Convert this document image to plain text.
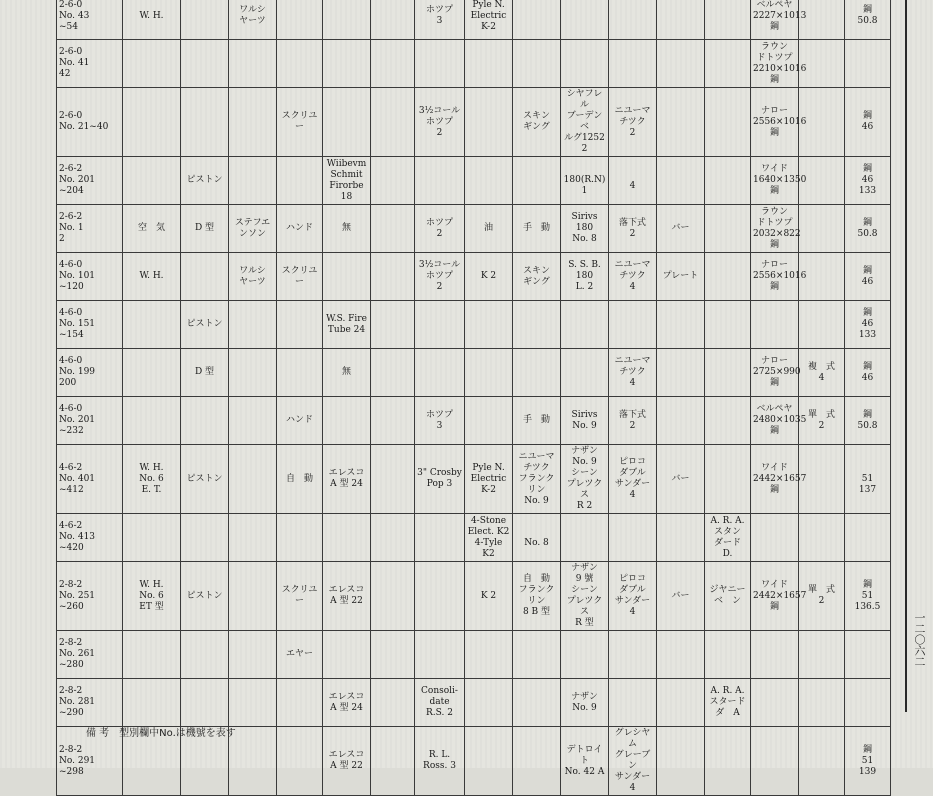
2-6-0
No. 43
~54	W. H.		ワルシ
ヤーツ				ホツプ
3	Pyle N.
Electric
K-2						ベルペヤ
2227×1013
鋼		鋼
50.8
2-6-0
No. 41
42														ラウン
ドトツプ
2210×1016
鋼		
2-6-0
No. 21~40				スクリユー			3½コール
ホツプ
2		スキン
ギング	シヤフレル
ブーデンベ
ルグ1252
2	ニユーマ
チツク
2			ナロー
2556×1016
鋼		鋼
46
2-6-2
No. 201
~204		ピストン			Wiibevm
Schmit
Firorbe
18					
180(R.N)
1	
4			ワイド
1640×1350
鋼		鋼
46
133
2-6-2
No. 1
2	空　気	D 型	ステフエ
ンソン	ハンド	無		ホツプ
2	油	手　動	Sirivs
180
No. 8	落下式
2	バー		ラウン
ドトツプ
2032×822
鋼		鋼
50.8
4-6-0
No. 101
~120	W. H.		ワルシ
ヤーツ	スクリユー			3½コール
ホツプ
2	K 2	スキン
ギング	S. S. B.
180
L. 2	ニユーマ
チツク
4	プレート		ナロー
2556×1016
鋼		鋼
46
4-6-0
No. 151
~154		ピストン			W.S. Fire
Tube 24											鋼
46
133
4-6-0
No. 199
200		D 型			無						ニユーマ
チツク
4			ナロー
2725×990
鋼	複　式
4	鋼
46
4-6-0
No. 201
~232				ハンド			ホツプ
3		手　動	Sirivs
No. 9	落下式
2			ベルペヤ
2480×1035
鋼	單　式
2	鋼
50.8
4-6-2
No. 401
~412	W. H.
No. 6
E. T.	ピストン		自　動	エレスコ
A 型 24		3" Crosby
Pop 3	Pyle N.
Electric
K-2	ニユーマ
チツク
フランク
リン
No. 9	ナザン
No. 9
シーン
プレツクス
R 2	ピロコ
ダブル
サンダー
4	バー		ワイド
2442×1657
鋼		
51
137
4-6-2
No. 413
~420								4-Stone
Elect. K2
4-Tyle K2	
No. 8				A. R. A.
スタン
ダード
D.			
2-8-2
No. 251
~260	W. H.
No. 6
ET 型	ピストン		スクリユー	エレスコ
A 型 22			K 2	自　動
フランク
リン
8 B 型	ナザン
9 號
シーン
プレツクス
R 型	ピロコ
ダブル
サンダー
4	バー	ジヤニー
ベ　ン	ワイド
2442×1657
鋼	單　式
2	鋼
51
136.5
2-8-2
No. 261
~280				エヤー												
2-8-2
No. 281
~290					エレスコ
A 型 24		Consoli-
date
R.S. 2			ナザン
No. 9			A. R. A.
スタード
ダ　A			
2-8-2
No. 291
~298					エレスコ
A 型 22		R. L.
Ross. 3			デトロイト
No. 42 A	グレシヤム
グレーブン
サンダー
4					鋼
51
139
備 考　型別欄中No.は機號を表す
一二〇六二
